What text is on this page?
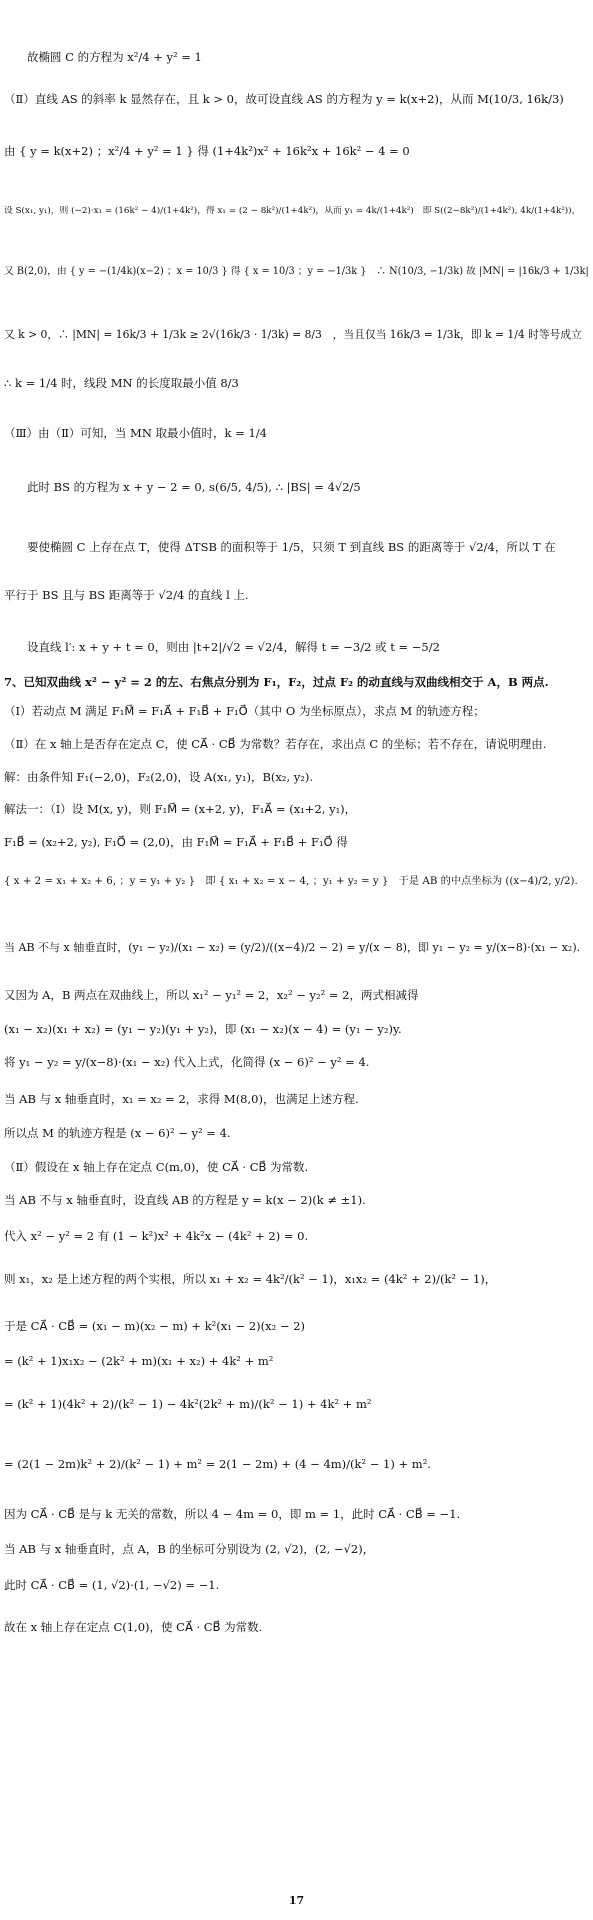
　　故椭圆 C 的方程为 x²/4 + y² = 1
（Ⅱ）直线 AS 的斜率 k 显然存在，且 k > 0，故可设直线 AS 的方程为 y = k(x+2)，从而 M(10/3, 16k/3)
由 { y = k(x+2) ；x²/4 + y² = 1 } 得 (1+4k²)x² + 16k²x + 16k² − 4 = 0
设 S(x₁, y₁)，则 (−2)·x₁ = (16k² − 4)/(1+4k²)，得 x₁ = (2 − 8k²)/(1+4k²)，从而 y₁ = 4k/(1+4k²)　即 S((2−8k²)/(1+4k²), 4k/(1+4k²))，
又 B(2,0)，由 { y = −(1/4k)(x−2) ；x = 10/3 } 得 { x = 10/3 ；y = −1/3k }　∴ N(10/3, −1/3k) 故 |MN| = |16k/3 + 1/3k|
又 k > 0，∴ |MN| = 16k/3 + 1/3k ≥ 2√(16k/3 · 1/3k) = 8/3　，当且仅当 16k/3 = 1/3k，即 k = 1/4 时等号成立
∴ k = 1/4 时，线段 MN 的长度取最小值 8/3
（Ⅲ）由（Ⅱ）可知，当 MN 取最小值时，k = 1/4
　　此时 BS 的方程为 x + y − 2 = 0, s(6/5, 4/5), ∴ |BS| = 4√2/5
　　要使椭圆 C 上存在点 T，使得 ΔTSB 的面积等于 1/5，只须 T 到直线 BS 的距离等于 √2/4，所以 T 在
平行于 BS 且与 BS 距离等于 √2/4 的直线 l 上.
　　设直线 l′: x + y + t = 0，则由 |t+2|/√2 = √2/4，解得 t = −3/2 或 t = −5/2
7、已知双曲线 x² − y² = 2 的左、右焦点分别为 F₁，F₂，过点 F₂ 的动直线与双曲线相交于 A，B 两点.
（Ⅰ）若动点 M 满足 F₁M⃗ = F₁A⃗ + F₁B⃗ + F₁O⃗（其中 O 为坐标原点），求点 M 的轨迹方程；
（Ⅱ）在 x 轴上是否存在定点 C，使 CA⃗ · CB⃗ 为常数？若存在，求出点 C 的坐标；若不存在，请说明理由.
解：由条件知 F₁(−2,0)，F₂(2,0)，设 A(x₁, y₁)，B(x₂, y₂).
解法一：（I）设 M(x, y)，则 F₁M⃗ = (x+2, y)，F₁A⃗ = (x₁+2, y₁)，
F₁B⃗ = (x₂+2, y₂), F₁O⃗ = (2,0)，由 F₁M⃗ = F₁A⃗ + F₁B⃗ + F₁O⃗ 得
{ x + 2 = x₁ + x₂ + 6, ；y = y₁ + y₂ }　即 { x₁ + x₂ = x − 4, ；y₁ + y₂ = y }　于是 AB 的中点坐标为 ((x−4)/2, y/2).
当 AB 不与 x 轴垂直时，(y₁ − y₂)/(x₁ − x₂) = (y/2)/((x−4)/2 − 2) = y/(x − 8)，即 y₁ − y₂ = y/(x−8)·(x₁ − x₂).
又因为 A，B 两点在双曲线上，所以 x₁² − y₁² = 2，x₂² − y₂² = 2，两式相减得
(x₁ − x₂)(x₁ + x₂) = (y₁ − y₂)(y₁ + y₂)，即 (x₁ − x₂)(x − 4) = (y₁ − y₂)y.
将 y₁ − y₂ = y/(x−8)·(x₁ − x₂) 代入上式，化简得 (x − 6)² − y² = 4.
当 AB 与 x 轴垂直时，x₁ = x₂ = 2，求得 M(8,0)，也满足上述方程.
所以点 M 的轨迹方程是 (x − 6)² − y² = 4.
（Ⅱ）假设在 x 轴上存在定点 C(m,0)，使 CA⃗ · CB⃗ 为常数.
当 AB 不与 x 轴垂直时，设直线 AB 的方程是 y = k(x − 2)(k ≠ ±1).
代入 x² − y² = 2 有 (1 − k²)x² + 4k²x − (4k² + 2) = 0.
则 x₁，x₂ 是上述方程的两个实根，所以 x₁ + x₂ = 4k²/(k² − 1)，x₁x₂ = (4k² + 2)/(k² − 1)，
于是 CA⃗ · CB⃗ = (x₁ − m)(x₂ − m) + k²(x₁ − 2)(x₂ − 2)
= (k² + 1)x₁x₂ − (2k² + m)(x₁ + x₂) + 4k² + m²
= (k² + 1)(4k² + 2)/(k² − 1) − 4k²(2k² + m)/(k² − 1) + 4k² + m²
= (2(1 − 2m)k² + 2)/(k² − 1) + m² = 2(1 − 2m) + (4 − 4m)/(k² − 1) + m².
因为 CA⃗ · CB⃗ 是与 k 无关的常数，所以 4 − 4m = 0，即 m = 1，此时 CA⃗ · CB⃗ = −1.
当 AB 与 x 轴垂直时，点 A，B 的坐标可分别设为 (2, √2)，(2, −√2)，
此时 CA⃗ · CB⃗ = (1, √2)·(1, −√2) = −1.
故在 x 轴上存在定点 C(1,0)，使 CA⃗ · CB⃗ 为常数.
17
